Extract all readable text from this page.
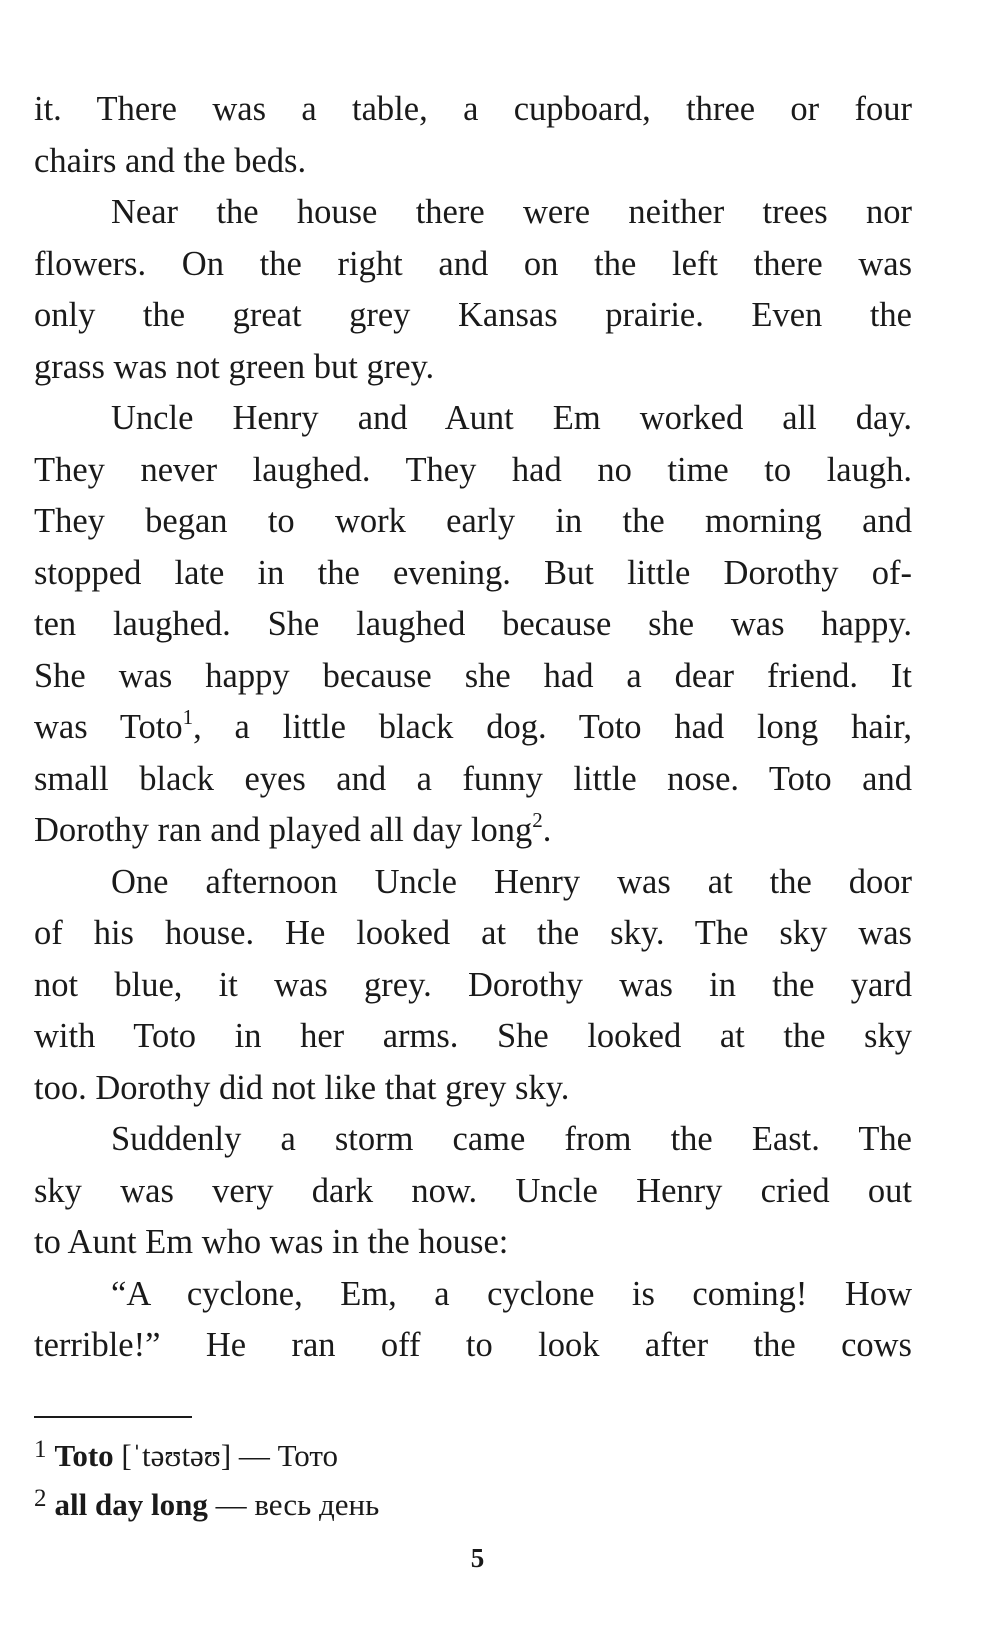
it. There was a table, a cupboard, three or four
chairs and the beds.
Near the house there were neither trees nor
flowers. On the right and on the left there was
only the great grey Kansas prairie. Even the
grass was not green but grey.
Uncle Henry and Aunt Em worked all day.
They never laughed. They had no time to laugh.
They began to work early in the morning and
stopped late in the evening. But little Dorothy of-
ten laughed. She laughed because she was happy.
She was happy because she had a dear friend. It
was Toto$^1$, a little black dog. Toto had long hair,
small black eyes and a funny little nose. Toto and
Dorothy ran and played all day long$^2$.
One afternoon Uncle Henry was at the door
of his house. He looked at the sky. The sky was
not blue, it was grey. Dorothy was in the yard
with Toto in her arms. She looked at the sky
too. Dorothy did not like that grey sky.
Suddenly a storm came from the East. The
sky was very dark now. Uncle Henry cried out
to Aunt Em who was in the house:
“A cyclone, Em, a cyclone is coming! How
terrible!” He ran off to look after the cows
$^1$ Toto [ˈtəʊtəʊ] — Тото
$^2$ all day long — весь день
5
